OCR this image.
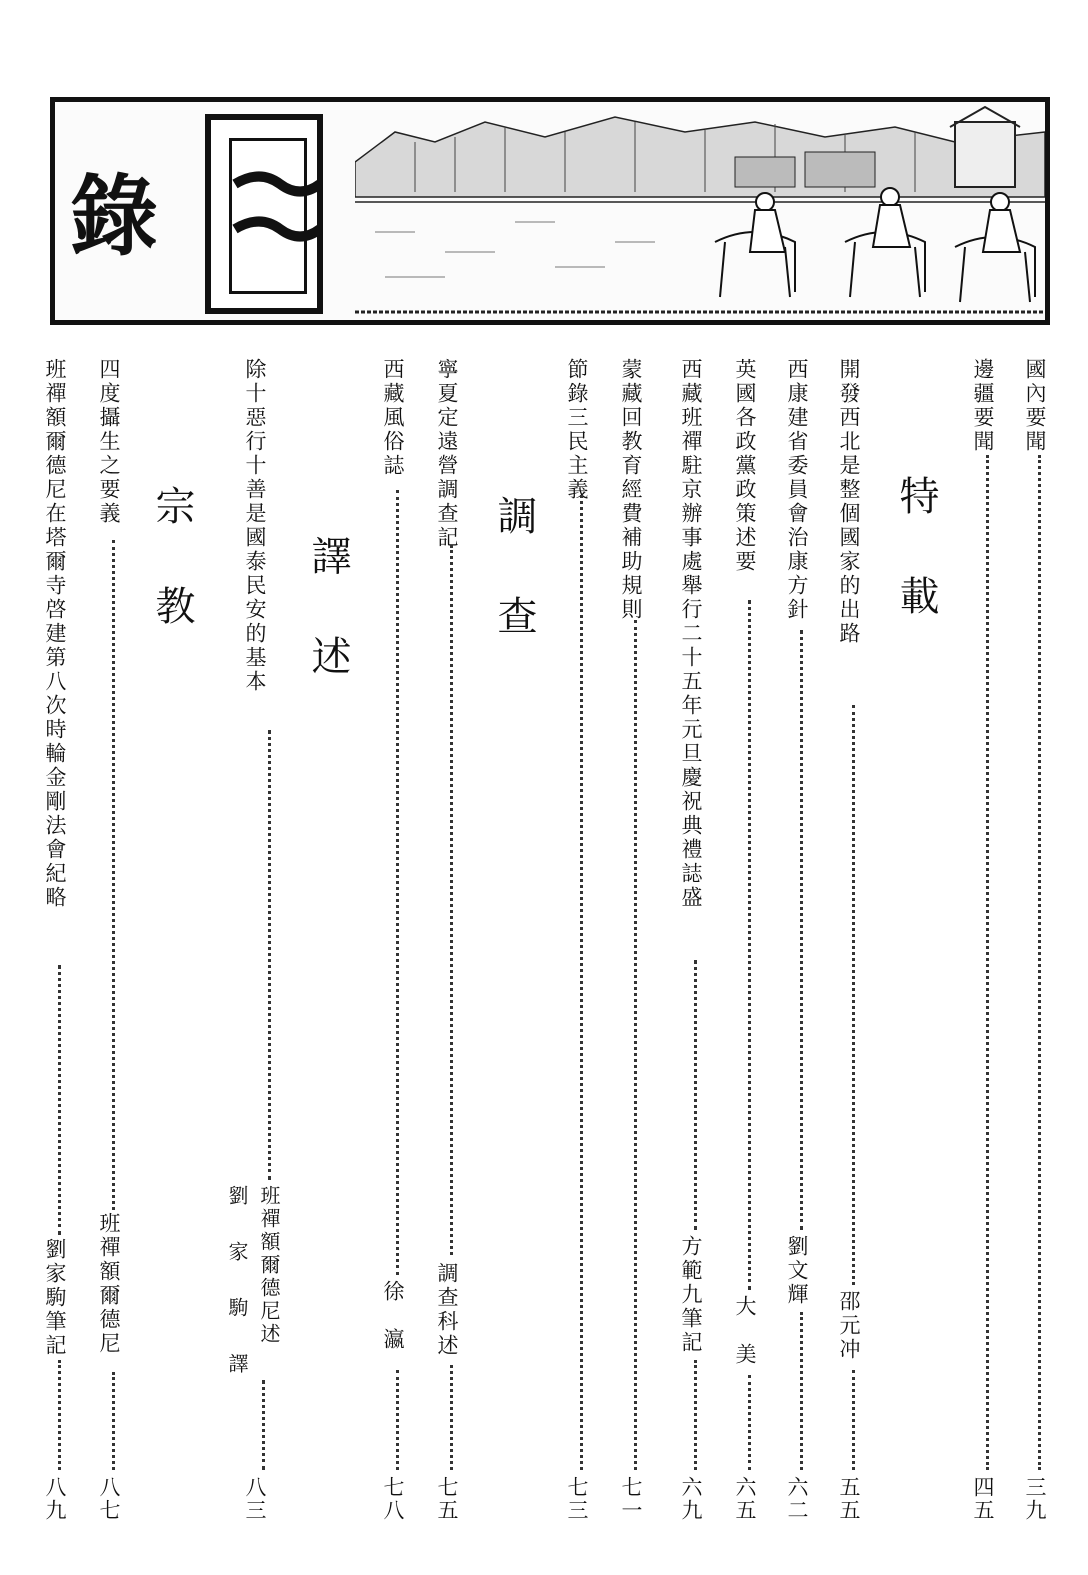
錄
特載
調查
譯述
宗教
國內要聞
三九
邊疆要聞
四五
開發西北是整個國家的出路
邵元冲
五五
西康建省委員會治康方針
劉文輝
六二
英國各政黨政策述要
大　美
六五
西藏班禪駐京辦事處舉行二十五年元旦慶祝典禮誌盛
方範九筆記
六九
蒙藏回教育經費補助規則
七一
節錄三民主義
七三
寧夏定遠營調查記
調查科述
七五
西藏風俗誌
徐　瀛
七八
除十惡行十善是國泰民安的基本
班禪額爾德尼述
劉　家　駒　譯
八三
四度攝生之要義
班禪額爾德尼
八七
班禪額爾德尼在塔爾寺啓建第八次時輪金剛法會紀略
劉家駒筆記
八九
